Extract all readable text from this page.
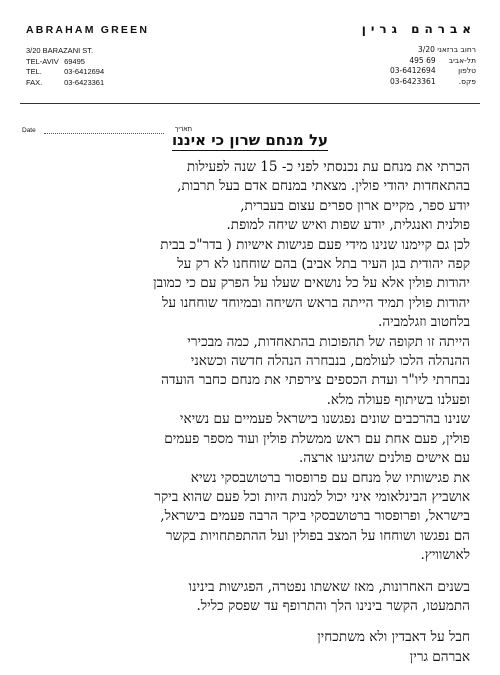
ABRAHAM GREEN
3/20 BARAZANI ST.
TEL-AVIV 69495
TEL.	03-6412694
FAX.	03-6423361
אברהם גרין
רחוב ברזאני 3/20
תל-אביב 69 495
טלפון 03-6412694
פקס. 03-6423361
Date	תאריך
על מנחם שרון כי איננו
הכרתי את מנחם עת נכנסתי לפני כ- 15 שנה לפעילות
בהתאחדות יהודי פולין. מצאתי במנחם אדם בעל תרבות,
יודע ספר, מקיים ארון ספרים עצום בעברית,
פולנית ואנגלית, יודע שפות ואיש שיחה למופת.
לכן גם קיימנו שנינו מידי פעם פגישות אישיות ( בדר"כ בבית
קפה יהודית בגן העיר בתל אביב) בהם שוחחנו לא רק על
יהודות פולין אלא על כל נושאים שעלו על הפרק עם כי כמובן
יהודות פולין תמיד הייתה בראש השיחה ובמיוחד שוחחנו על
בלחטוב וזגלמביה.
הייתה זו תקופה של תהפוכות בהתאחדות, כמה מבכירי
ההנהלה הלכו לעולמם, בנבחרה הנהלה חדשה וכשאני
נבחרתי ליו"ר ועדת הכספים צירפתי את מנחם כחבר הועדה
ופעלנו בשיתוף פעולה מלא.
שנינו בהרכבים שונים נפגשנו בישראל פעמיים עם נשיאי
פולין, פעם אחת עם ראש ממשלת פולין ועוד מספר פעמים
עם אישים פולנים שהגיעו ארצה.
את פגישותיו של מנחם עם פרופסור ברטושבסקי נשיא
אושביץ הבינלאומי איני יכול למנות היות וכל פעם שהוא ביקר
בישראל, ופרופסור ברטושבסקי ביקר הרבה פעמים בישראל,
הם נפגשו ושוחחו על המצב בפולין ועל ההתפתחויות בקשר
לאושוויץ.
בשנים האחרונות, מאז שאשתו נפטרה, הפגישות בינינו
התמעטו, הקשר בינינו הלך והתרופף עד שפסק כליל.
חבל על דאבדין ולא משתכחין
אברהם גרין
